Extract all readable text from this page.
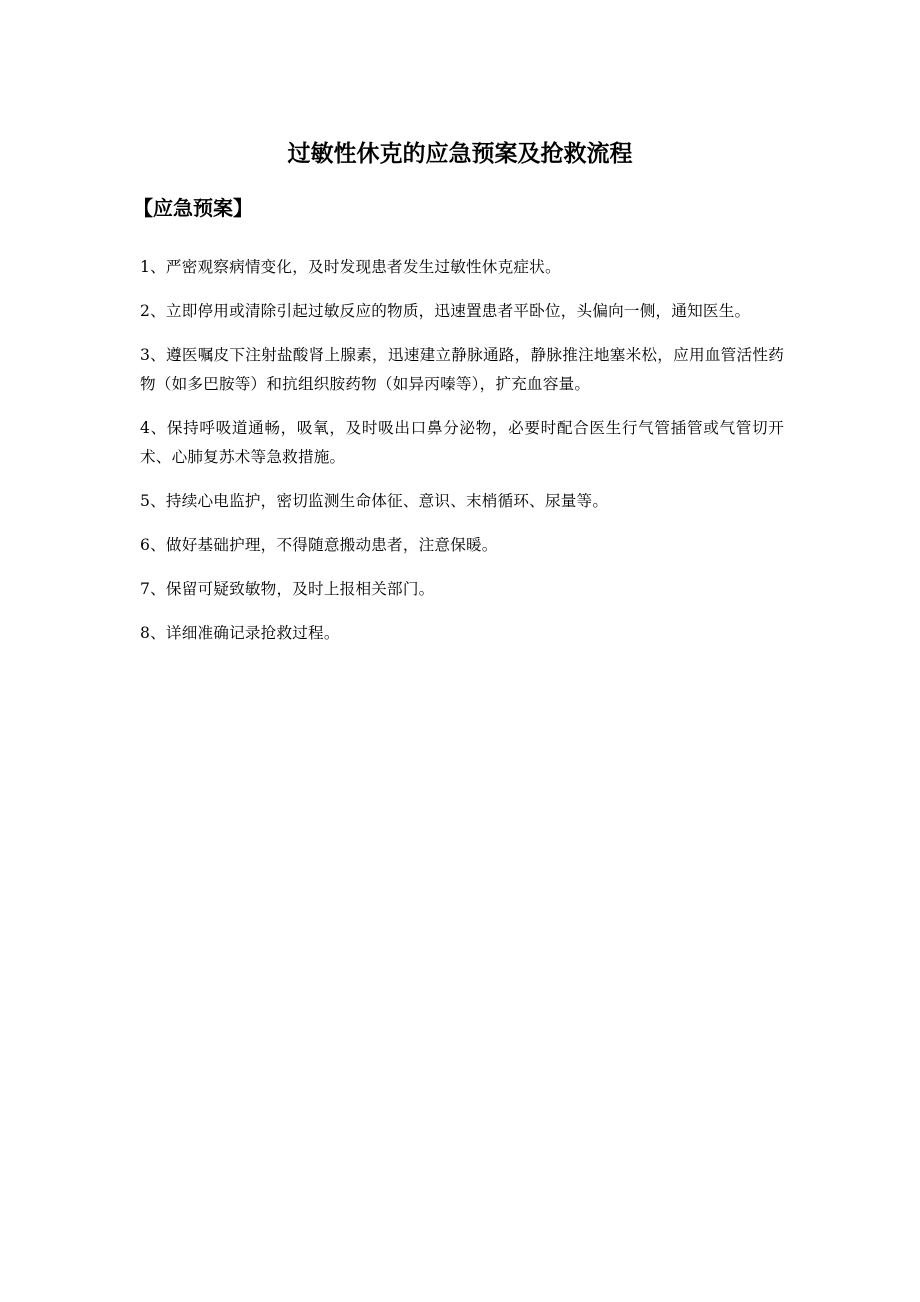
过敏性休克的应急预案及抢救流程
【应急预案】

1、严密观察病情变化，及时发现患者发生过敏性休克症状。

2、立即停用或清除引起过敏反应的物质，迅速置患者平卧位，头偏向一侧，通知医生。

3、遵医嘱皮下注射盐酸肾上腺素，迅速建立静脉通路，静脉推注地塞米松，应用血管活性药物（如多巴胺等）和抗组织胺药物（如异丙嗪等），扩充血容量。

4、保持呼吸道通畅，吸氧，及时吸出口鼻分泌物，必要时配合医生行气管插管或气管切开术、心肺复苏术等急救措施。

5、持续心电监护，密切监测生命体征、意识、末梢循环、尿量等。

6、做好基础护理，不得随意搬动患者，注意保暖。

7、保留可疑致敏物，及时上报相关部门。

8、详细准确记录抢救过程。
